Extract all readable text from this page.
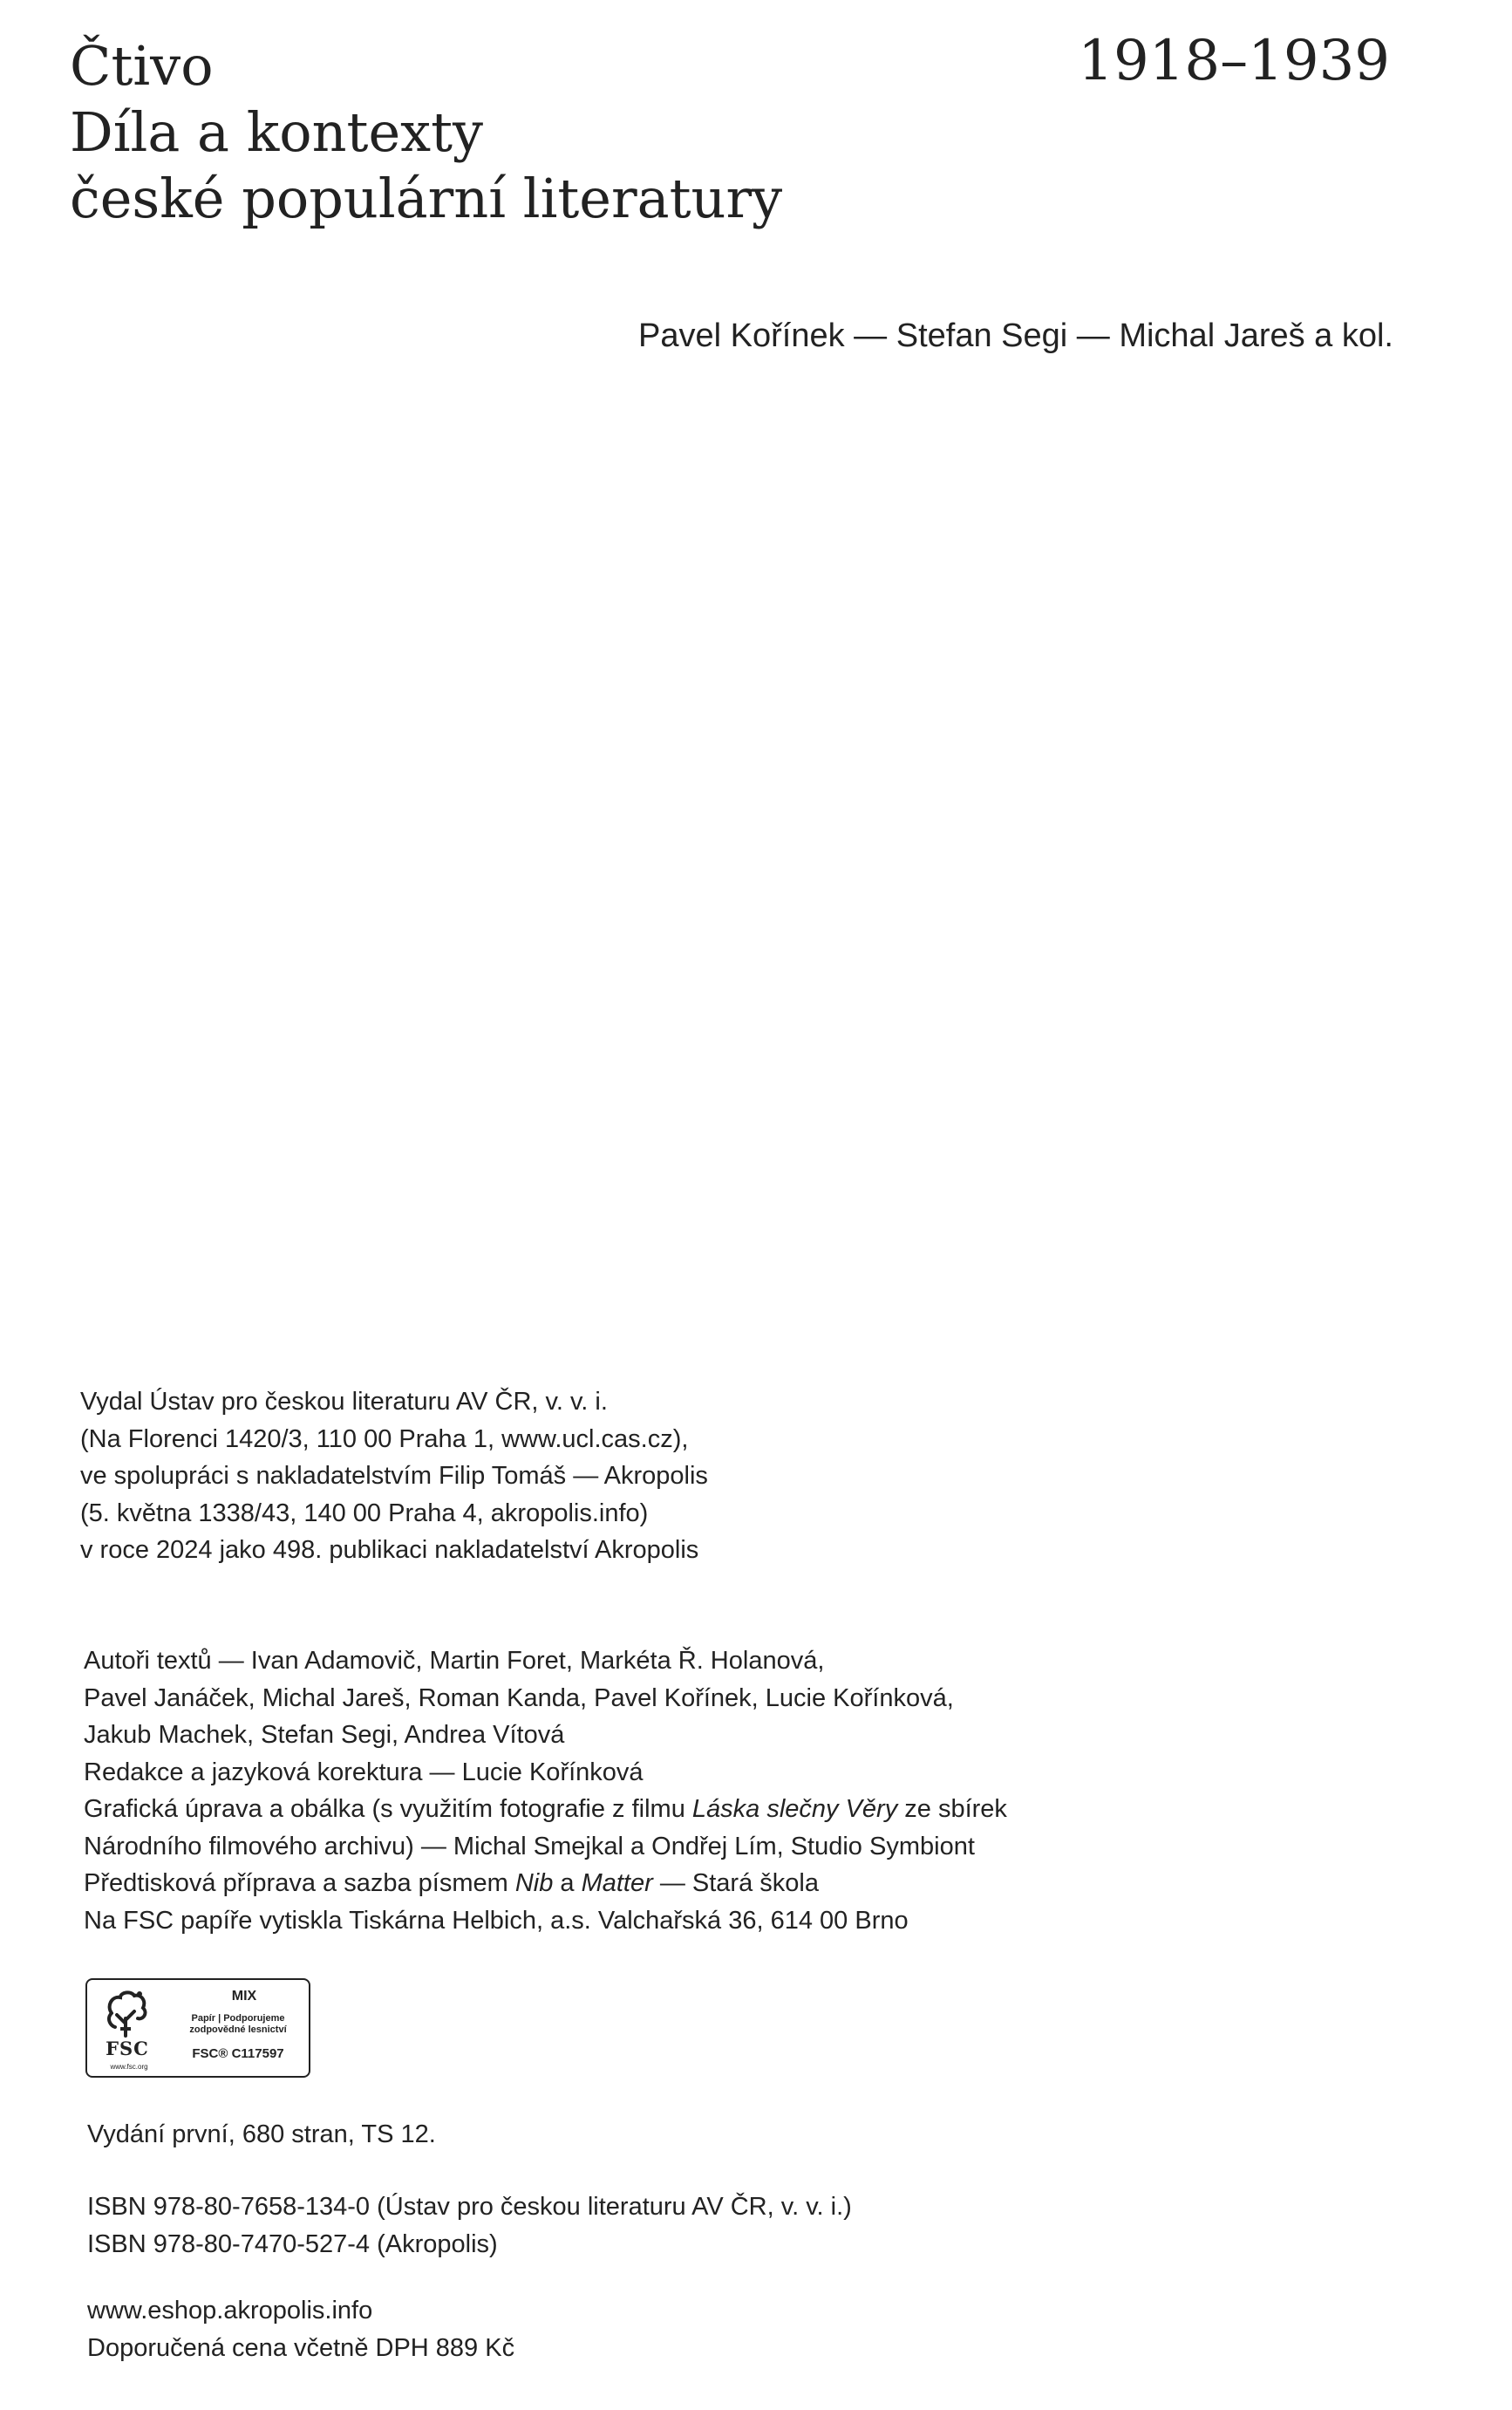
Čtivo
Díla a kontexty
české populární literatury
1918–1939
Pavel Kořínek — Stefan Segi — Michal Jareš a kol.
Vydal Ústav pro českou literaturu AV ČR, v. v. i.
(Na Florenci 1420/3, 110 00 Praha 1, www.ucl.cas.cz),
ve spolupráci s nakladatelstvím Filip Tomáš — Akropolis
(5. května 1338/43, 140 00 Praha 4, akropolis.info)
v roce 2024 jako 498. publikaci nakladatelství Akropolis
Autoři textů — Ivan Adamovič, Martin Foret, Markéta Ř. Holanová,
Pavel Janáček, Michal Jareš, Roman Kanda, Pavel Kořínek, Lucie Kořínková,
Jakub Machek, Stefan Segi, Andrea Vítová
Redakce a jazyková korektura — Lucie Kořínková
Grafická úprava a obálka (s využitím fotografie z filmu Láska slečny Věry ze sbírek
Národního filmového archivu) — Michal Smejkal a Ondřej Lím, Studio Symbiont
Předtisková příprava a sazba písmem Nib a Matter — Stará škola
Na FSC papíře vytiskla Tiskárna Helbich, a.s. Valchařská 36, 614 00 Brno
FSC
www.fsc.org
MIX
Papír | Podporujeme
zodpovědné lesnictví
FSC® C117597
Vydání první, 680 stran, TS 12.
ISBN 978-80-7658-134-0 (Ústav pro českou literaturu AV ČR, v. v. i.)
ISBN 978-80-7470-527-4 (Akropolis)
www.eshop.akropolis.info
Doporučená cena včetně DPH 889 Kč
